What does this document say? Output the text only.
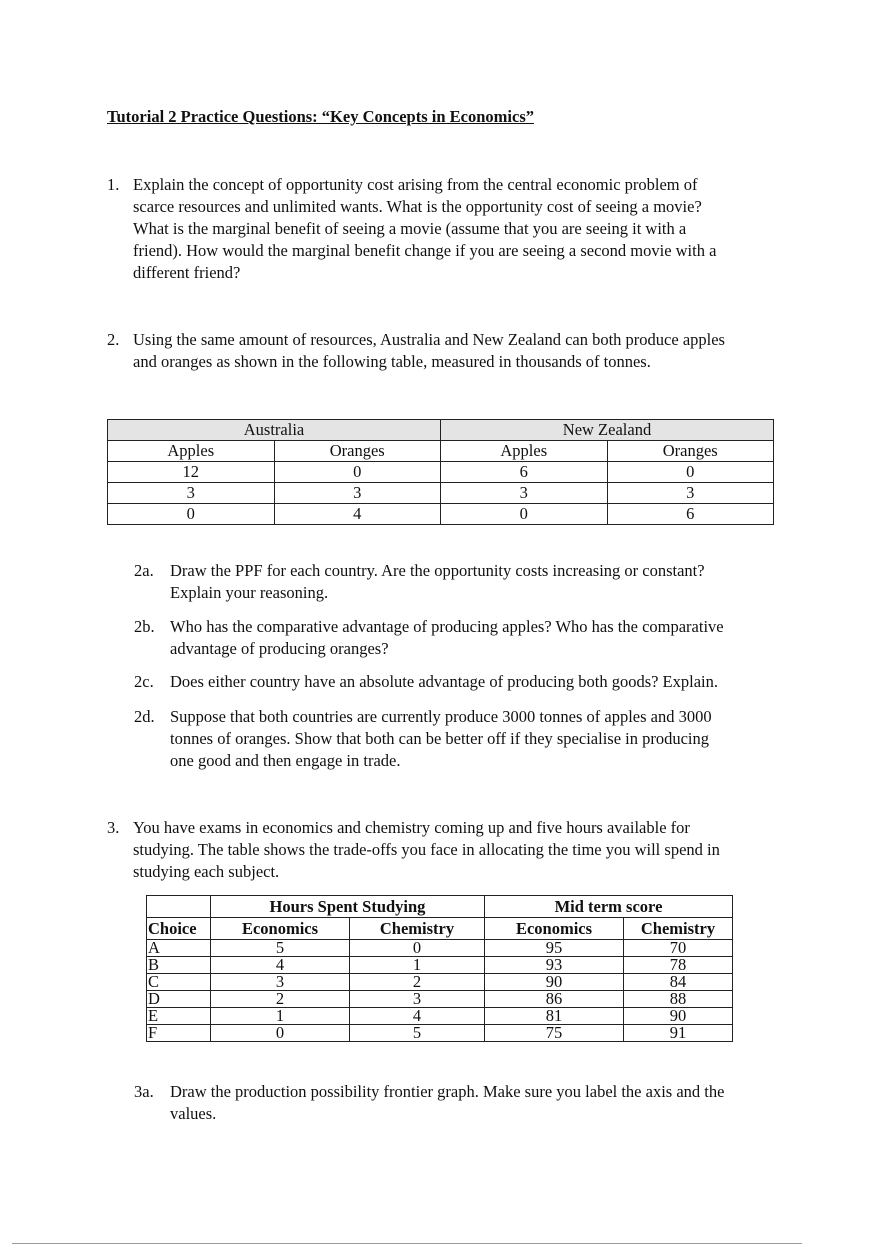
Tutorial 2 Practice Questions: “Key Concepts in Economics”
1. Explain the concept of opportunity cost arising from the central economic problem of
scarce resources and unlimited wants. What is the opportunity cost of seeing a movie?
What is the marginal benefit of seeing a movie (assume that you are seeing it with a
friend). How would the marginal benefit change if you are seeing a second movie with a
different friend?
2. Using the same amount of resources, Australia and New Zealand can both produce apples
and oranges as shown in the following table, measured in thousands of tonnes.
Australia		New Zealand	
Apples	Oranges	Apples	Oranges
12	0	6	0
3	3	3	3
0	4	0	6
2a. Draw the PPF for each country. Are the opportunity costs increasing or constant?
Explain your reasoning.
2b. Who has the comparative advantage of producing apples? Who has the comparative
advantage of producing oranges?
2c. Does either country have an absolute advantage of producing both goods? Explain.
2d. Suppose that both countries are currently produce 3000 tonnes of apples and 3000
tonnes of oranges. Show that both can be better off if they specialise in producing
one good and then engage in trade.
3. You have exams in economics and chemistry coming up and five hours available for
studying. The table shows the trade-offs you face in allocating the time you will spend in
studying each subject.
	Hours Spent Studying		Mid term score	
Choice	Economics	Chemistry	Economics	Chemistry
A	5	0	95	70
B	4	1	93	78
C	3	2	90	84
D	2	3	86	88
E	1	4	81	90
F	0	5	75	91
3a. Draw the production possibility frontier graph. Make sure you label the axis and the
values.
